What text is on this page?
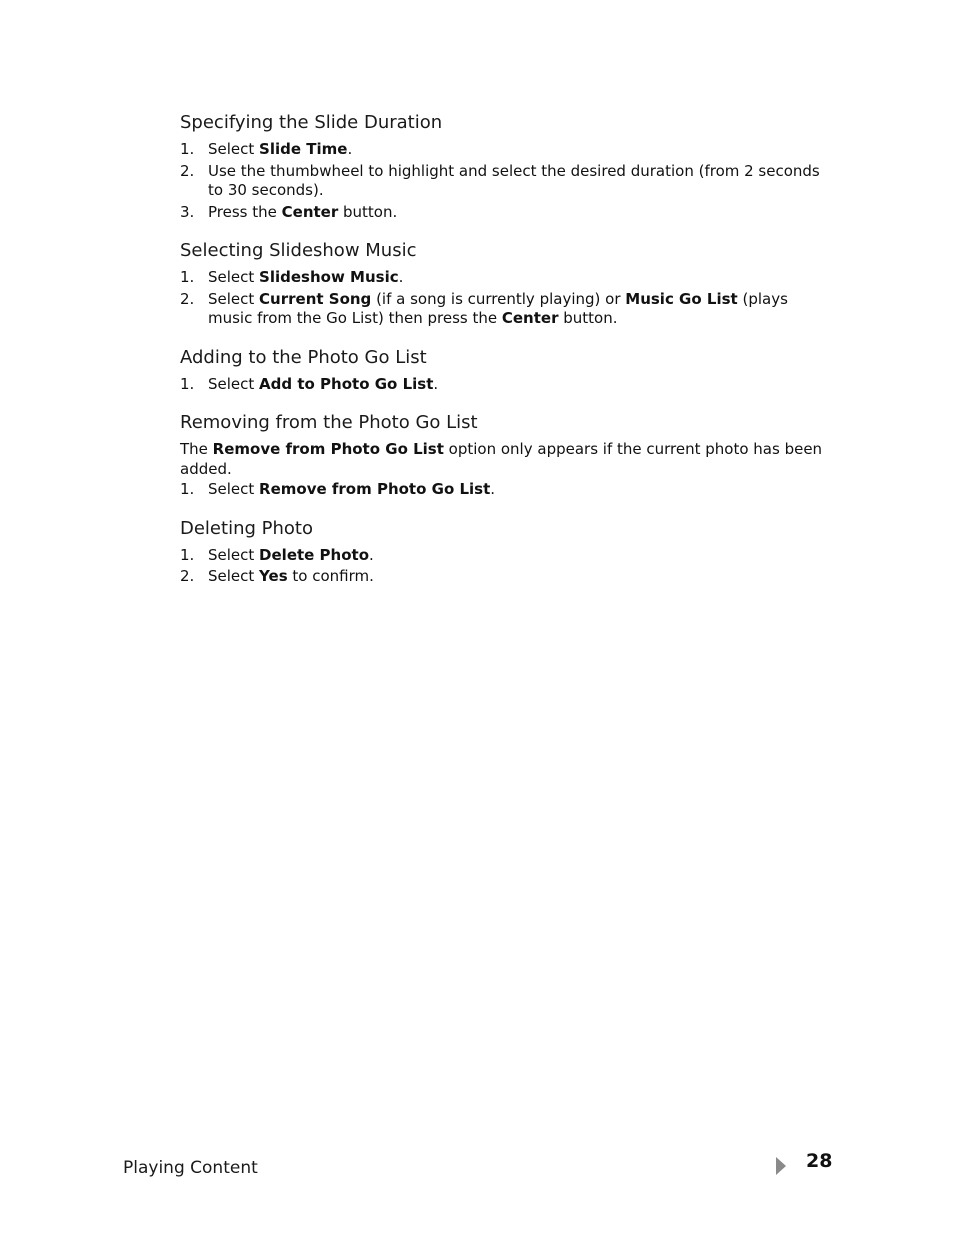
Specifying the Slide Duration
1. Select Slide Time.
2. Use the thumbwheel to highlight and select the desired duration (from 2 seconds to 30 seconds).
3. Press the Center button.
Selecting Slideshow Music
1. Select Slideshow Music.
2. Select Current Song (if a song is currently playing) or Music Go List (plays music from the Go List) then press the Center button.
Adding to the Photo Go List
1. Select Add to Photo Go List.
Removing from the Photo Go List

The Remove from Photo Go List option only appears if the current photo has been added.

1. Select Remove from Photo Go List.
Deleting Photo
1. Select Delete Photo.
2. Select Yes to confirm.
Playing Content	28
